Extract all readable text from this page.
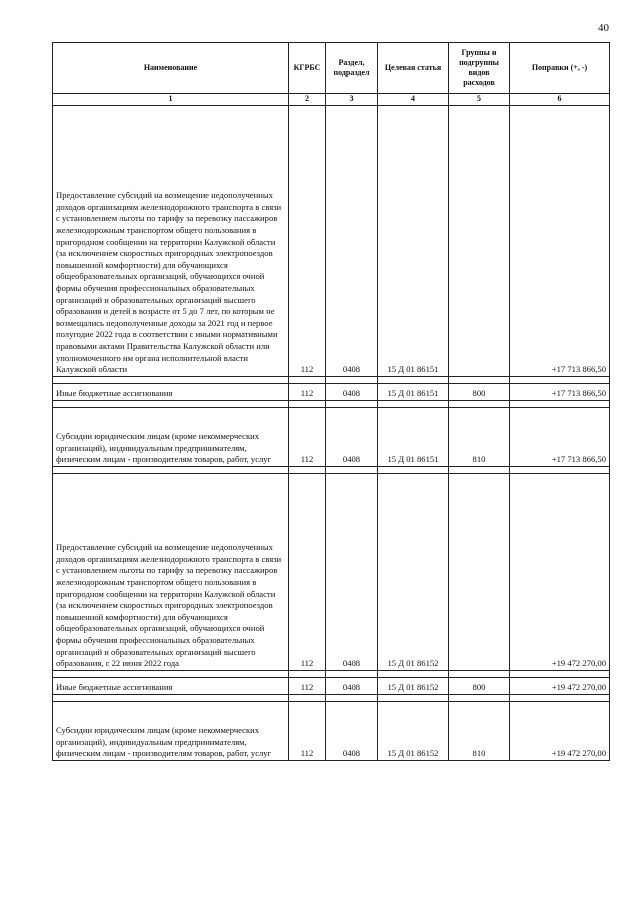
40
Наименование	КГРБС	Раздел, подраздел	Целевая статья	Группы и подгруппы видов расходов	Поправки (+, -)
1	2	3	4	5	6

Предоставление субсидий на возмещение недополученных доходов организациям железнодорожного транспорта в связи с установлением льготы по тарифу за перевозку пассажиров железнодорожным транспортом общего пользования в пригородном сообщении на территории Калужской области (за исключением скоростных пригородных электропоездов повышенной комфортности) для обучающихся общеобразовательных организаций, обучающихся очной формы обучения профессиональных образовательных организаций и образовательных организаций высшего образования и детей в возрасте от 5 до 7 лет, по которым не возмещались недополученные доходы за 2021 год и первое полугодие 2022 года в соответствии с иными нормативными правовыми актами Правительства Калужской области или уполномоченного им органа исполнительной власти Калужской области	112	0408	15 Д 01 86151		+17 713 866,50

Иные бюджетные ассигнования	112	0408	15 Д 01 86151	800	+17 713 866,50

Субсидии юридическим лицам (кроме некоммерческих организаций), индивидуальным предпринимателям, физическим лицам - производителям товаров, работ, услуг	112	0408	15 Д 01 86151	810	+17 713 866,50

Предоставление субсидий на возмещение недополученных доходов организациям железнодорожного транспорта в связи с установлением льготы по тарифу за перевозку пассажиров железнодорожным транспортом общего пользования в пригородном сообщении на территории Калужской области (за исключением скоростных пригородных электропоездов повышенной комфортности) для обучающихся общеобразовательных организаций, обучающихся очной формы обучения профессиональных образовательных организаций и образовательных организаций высшего образования, с 22 июня 2022 года	112	0408	15 Д 01 86152		+19 472 270,00

Иные бюджетные ассигнования	112	0408	15 Д 01 86152	800	+19 472 270,00

Субсидии юридическим лицам (кроме некоммерческих организаций), индивидуальным предпринимателям, физическим лицам - производителям товаров, работ, услуг	112	0408	15 Д 01 86152	810	+19 472 270,00
